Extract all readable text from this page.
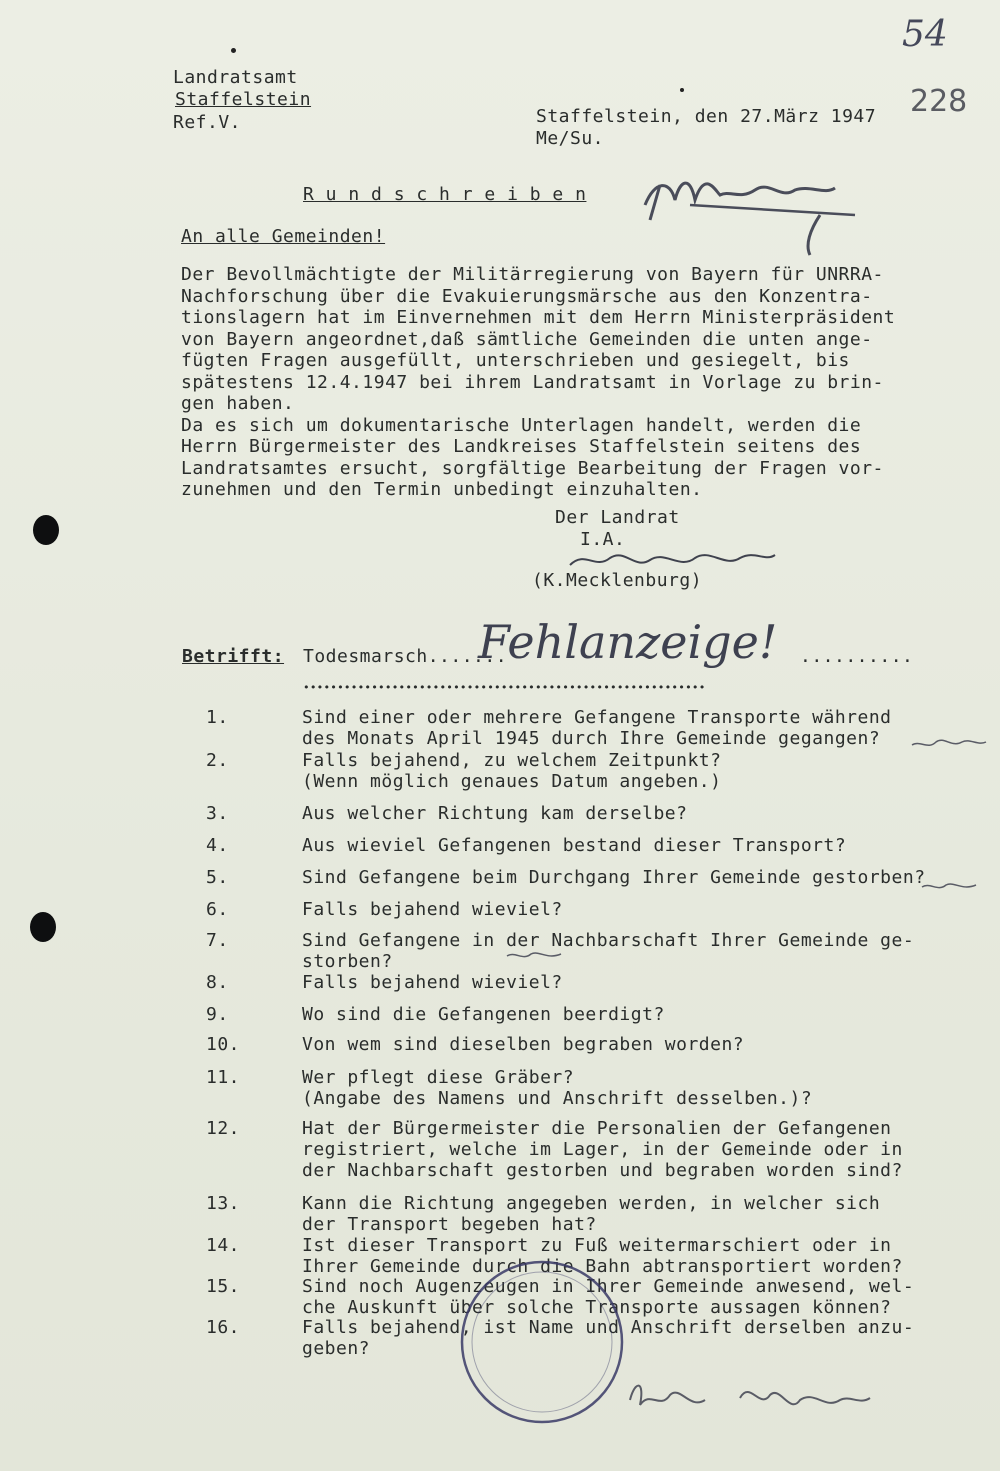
54
228
Landratsamt
Staffelstein
Ref.V.	Staffelstein, den 27.März 1947
Me/Su.
R u n d s c h r e i b e n
An alle Gemeinden!
Der Bevollmächtigte der Militärregierung von Bayern für UNRRA-
Nachforschung über die Evakuierungsmärsche aus den Konzentra-
tionslagern hat im Einvernehmen mit dem Herrn Ministerpräsident
von Bayern angeordnet,daß sämtliche Gemeinden die unten ange-
fügten Fragen ausgefüllt, unterschrieben und gesiegelt, bis
spätestens 12.4.1947 bei ihrem Landratsamt in Vorlage zu brin-
gen haben.
Da es sich um dokumentarische Unterlagen handelt, werden die
Herrn Bürgermeister des Landkreises Staffelstein seitens des
Landratsamtes ersucht, sorgfältige Bearbeitung der Fragen vor-
zunehmen und den Termin unbedingt einzuhalten.
Der Landrat
I.A.
(K.Mecklenburg)
Betrifft: Todesmarsch.......
Fehlanzeige! ..........
•••••••••••••••••••••••••••••••••••••••••••••••••••••••••••
1.	Sind einer oder mehrere Gefangene Transporte während
des Monats April 1945 durch Ihre Gemeinde gegangen?
2.	Falls bejahend, zu welchem Zeitpunkt?
(Wenn möglich genaues Datum angeben.)
3.	Aus welcher Richtung kam derselbe?
4.	Aus wieviel Gefangenen bestand dieser Transport?
5.	Sind Gefangene beim Durchgang Ihrer Gemeinde gestorben?
6.	Falls bejahend wieviel?
7.	Sind Gefangene in der Nachbarschaft Ihrer Gemeinde ge-
storben?
8.	Falls bejahend wieviel?
9.	Wo sind die Gefangenen beerdigt?
10.	Von wem sind dieselben begraben worden?
11.	Wer pflegt diese Gräber?
(Angabe des Namens und Anschrift desselben.)?
12.	Hat der Bürgermeister die Personalien der Gefangenen
registriert, welche im Lager, in der Gemeinde oder in
der Nachbarschaft gestorben und begraben worden sind?
13.	Kann die Richtung angegeben werden, in welcher sich
der Transport begeben hat?
14.	Ist dieser Transport zu Fuß weitermarschiert oder in
Ihrer Gemeinde durch die Bahn abtransportiert worden?
15.	Sind noch Augenzeugen in Ihrer Gemeinde anwesend, wel-
che Auskunft über solche Transporte aussagen können?
16.	Falls bejahend, ist Name und Anschrift derselben anzu-
geben?
